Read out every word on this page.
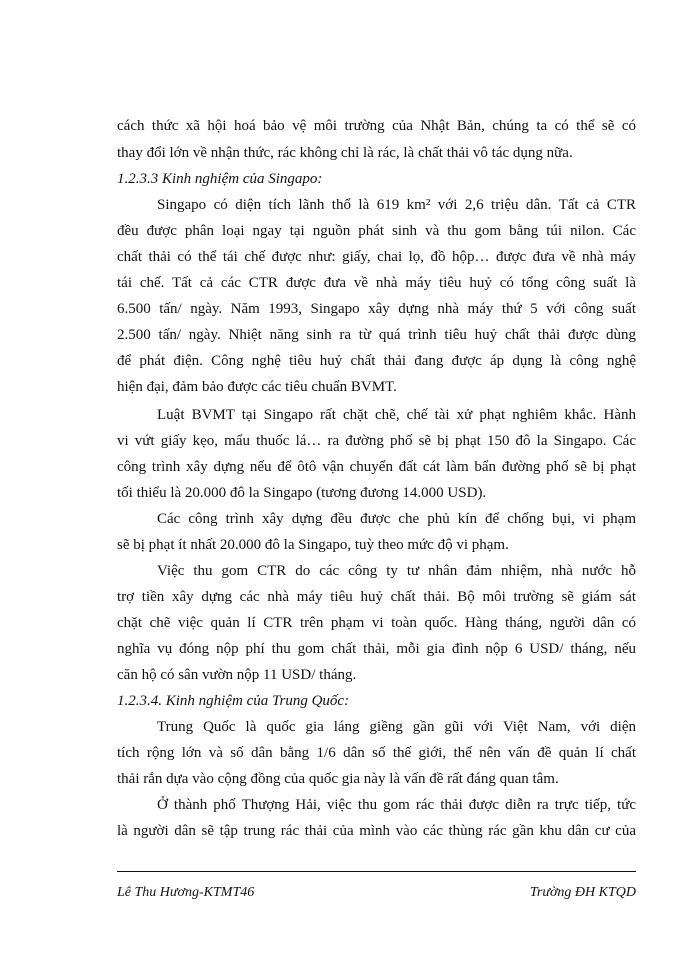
cách thức xã hội hoá bảo vệ môi trường của Nhật Bản, chúng ta có thể sẽ có
thay đổi lớn về nhận thức, rác không chỉ là rác, là chất thải vô tác dụng nữa.
1.2.3.3 Kinh nghiệm của Singapo:
Singapo có diện tích lãnh thổ là 619 km² với 2,6 triệu dân. Tất cả CTR
đều được phân loại ngay tại nguồn phát sinh và thu gom bằng túi nilon. Các
chất thải có thể tái chế được như: giấy, chai lọ, đồ hộp… được đưa về nhà máy
tái chế. Tất cả các CTR được đưa về nhà máy tiêu huỷ có tổng công suất là
6.500 tấn/ ngày. Năm 1993, Singapo xây dựng nhà máy thứ 5 với công suất
2.500 tấn/ ngày. Nhiệt năng sinh ra từ quá trình tiêu huỷ chất thải được dùng
để phát điện. Công nghệ tiêu huỷ chất thải đang được áp dụng là công nghệ
hiện đại, đảm bảo được các tiêu chuẩn BVMT.
Luật BVMT tại Singapo rất chặt chẽ, chế tài xử phạt nghiêm khắc. Hành
vi vứt giấy kẹo, mẩu thuốc lá… ra đường phố sẽ bị phạt 150 đô la Singapo. Các
công trình xây dựng nếu để ôtô vận chuyển đất cát làm bẩn đường phố sẽ bị phạt
tối thiểu là 20.000 đô la Singapo (tương đương 14.000 USD).
Các công trình xây dựng đều được che phủ kín để chống bụi, vi phạm
sẽ bị phạt ít nhất 20.000 đô la Singapo, tuỳ theo mức độ vi phạm.
Việc thu gom CTR do các công ty tư nhân đảm nhiệm, nhà nước hỗ
trợ tiền xây dựng các nhà máy tiêu huỷ chất thải. Bộ môi trường sẽ giám sát
chặt chẽ việc quản lí CTR trên phạm vi toàn quốc. Hàng tháng, người dân có
nghĩa vụ đóng nộp phí thu gom chất thải, mỗi gia đình nộp 6 USD/ tháng, nếu
căn hộ có sân vườn nộp 11 USD/ tháng.
1.2.3.4. Kinh nghiệm của Trung Quốc:
Trung Quốc là quốc gia láng giềng gần gũi với Việt Nam, với diện
tích rộng lớn và số dân bằng 1/6 dân số thế giới, thế nên vấn đề quản lí chất
thải rắn dựa vào cộng đồng của quốc gia này là vấn đề rất đáng quan tâm.
Ở thành phố Thượng Hải, việc thu gom rác thải được diễn ra trực tiếp, tức
là người dân sẽ tập trung rác thải của mình vào các thùng rác gần khu dân cư của
Lê Thu Hương-KTMT46	Trường ĐH KTQD
